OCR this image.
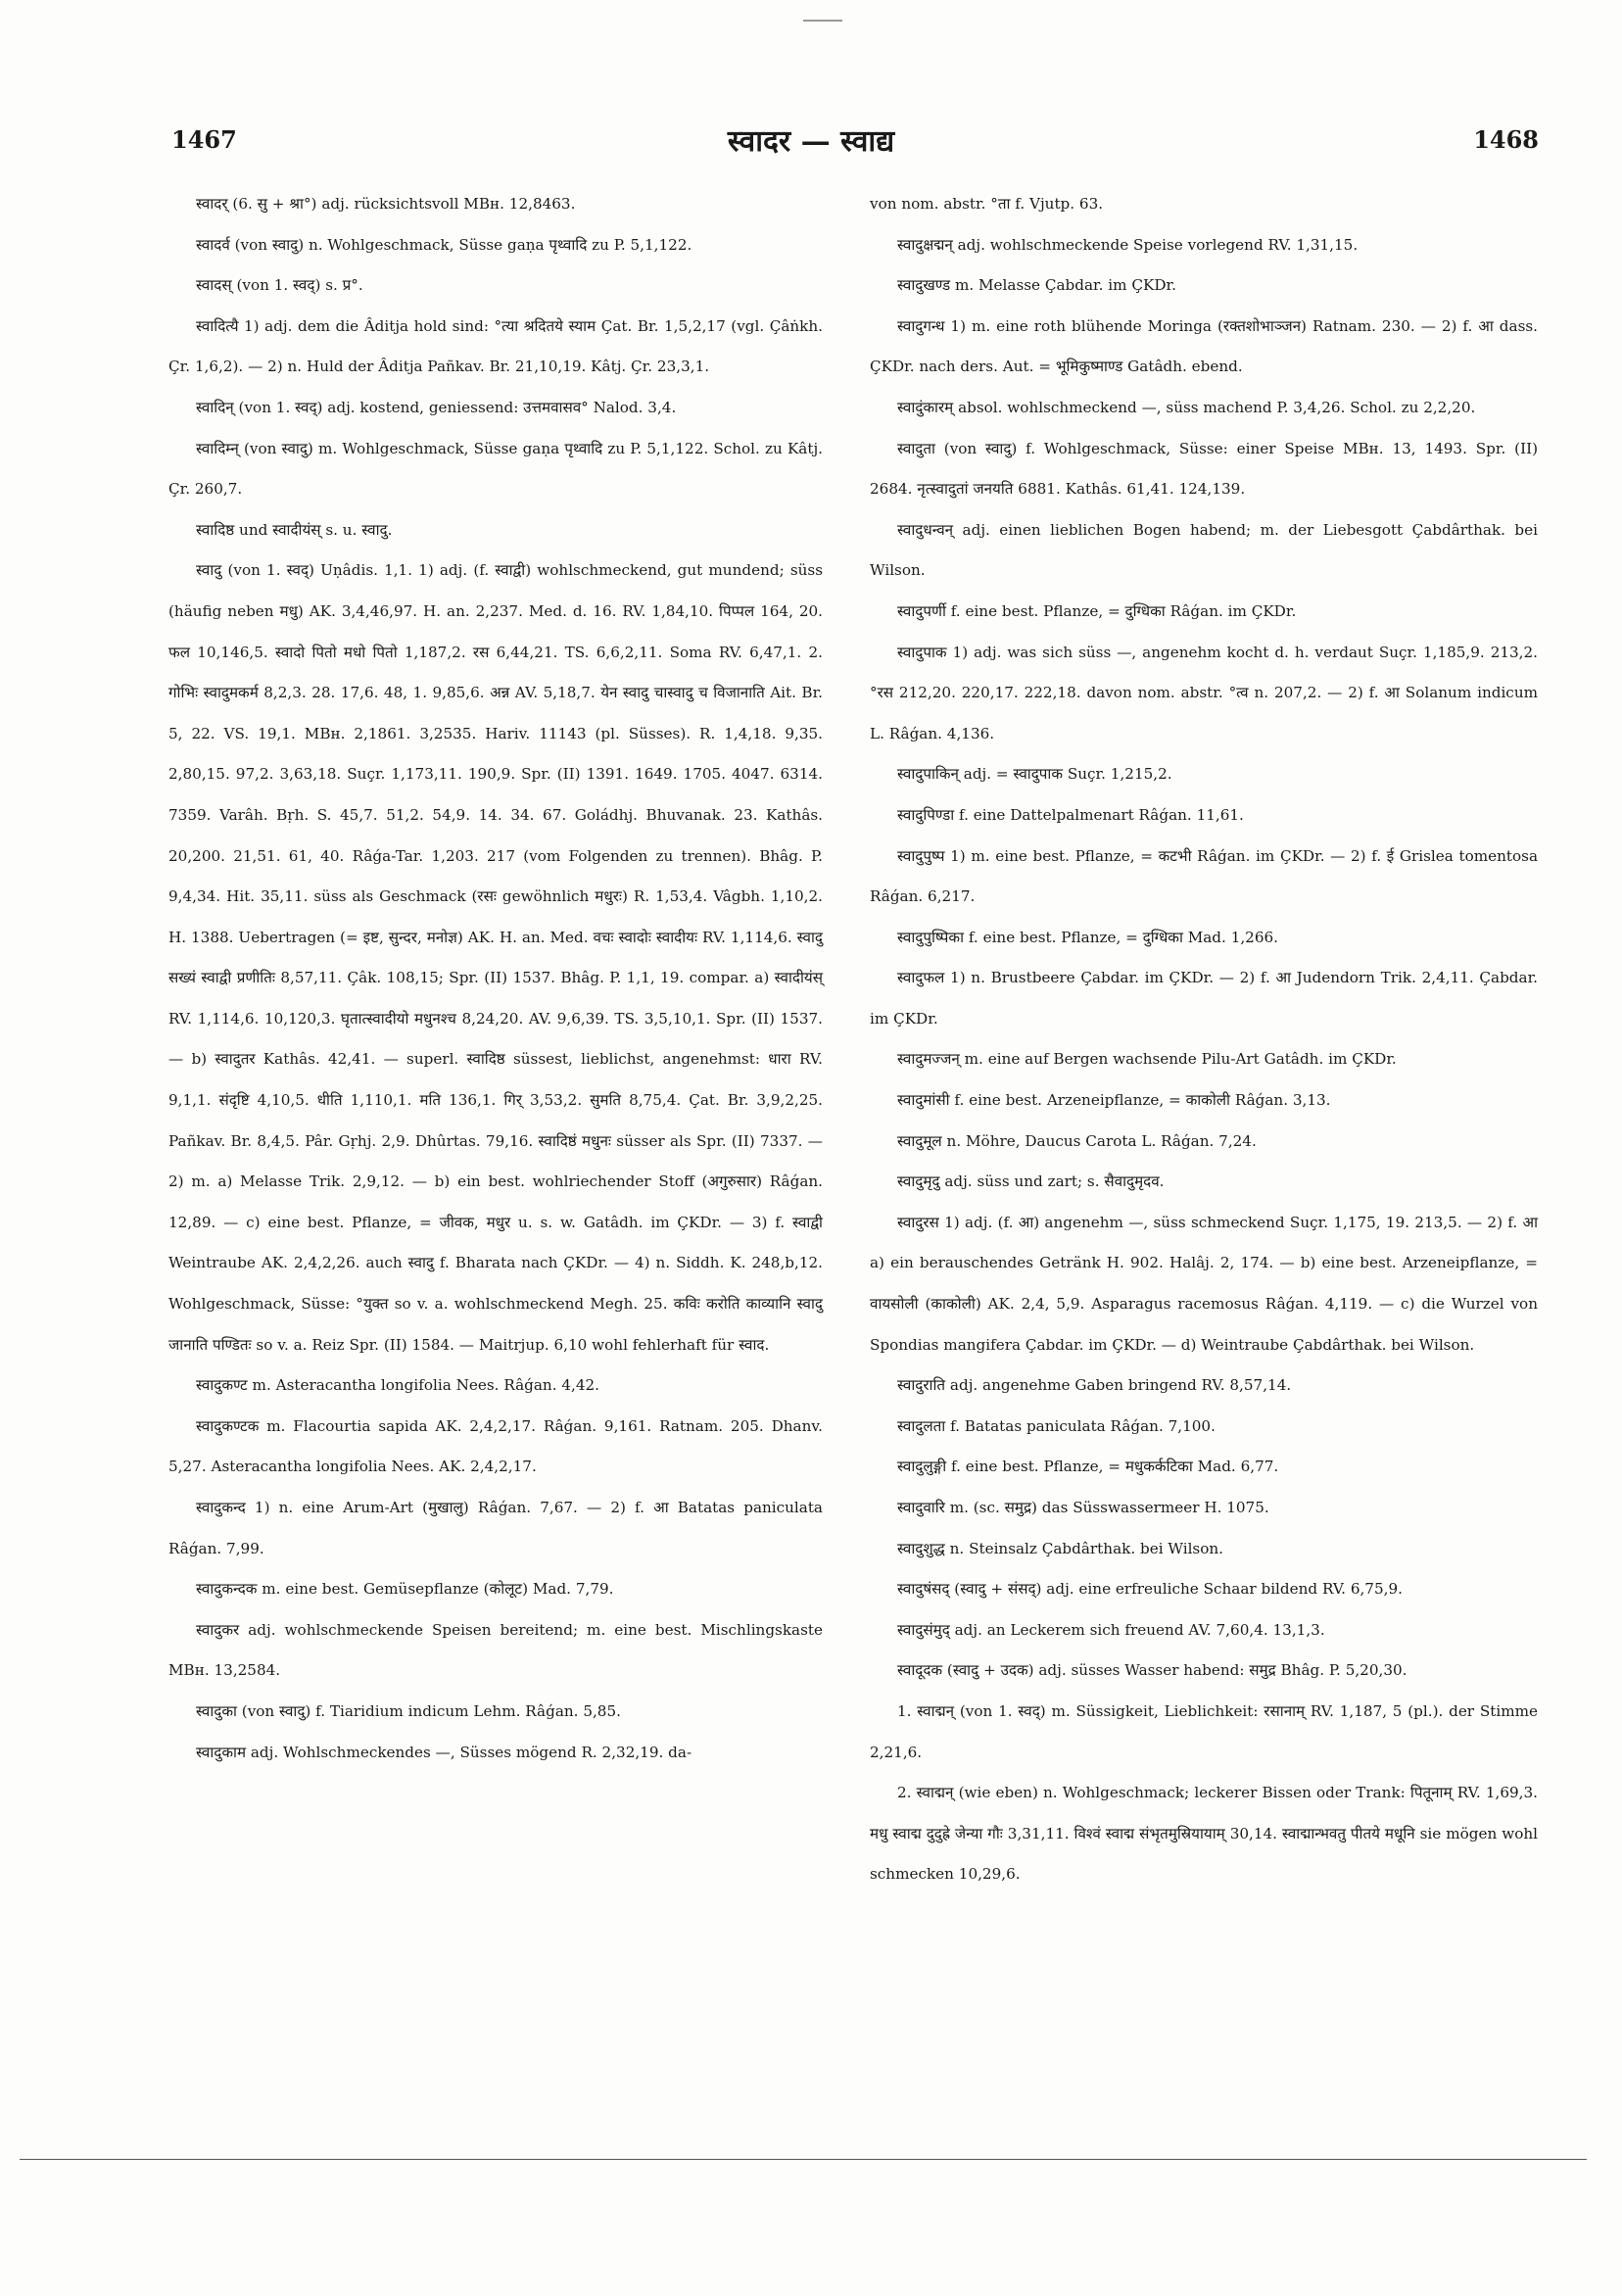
1467	स्वादर — स्वाद्य	1468

स्वादर् (6. सु + श्रा°) adj. rücksichtsvoll MBн. 12,8463.

स्वादर्व (von स्वादु) n. Wohlgeschmack, Süsse gaṇa पृथ्वादि zu P. 5,1,122.

स्वादस् (von 1. स्वद्) s. प्र°.

स्वादित्यै 1) adj. dem die Âditja hold sind: °त्या श्रदितये स्याम Çat. Br. 1,5,2,17 (vgl. Çâṅkh. Çr. 1,6,2). — 2) n. Huld der Âditja Pañkav. Br. 21,10,19. Kâtj. Çr. 23,3,1.

स्वादिन् (von 1. स्वद्) adj. kostend, geniessend: उत्तमवासव° Nalod. 3,4.

स्वादिम्न् (von स्वादु) m. Wohlgeschmack, Süsse gaṇa पृथ्वादि zu P. 5,1,122. Schol. zu Kâtj. Çr. 260,7.

स्वादिष्ठ und स्वादीयंस् s. u. स्वादु.

स्वादु (von 1. स्वद्) Uṇâdis. 1,1. 1) adj. (f. स्वाद्वी) wohlschmeckend, gut mundend; süss (häufig neben मधु) AK. 3,4,46,97. H. an. 2,237. Med. d. 16. RV. 1,84,10. पिप्पल 164, 20. फल 10,146,5. स्वादो पितो मधो पितो 1,187,2. रस 6,44,21. TS. 6,6,2,11. Soma RV. 6,47,1. 2. गोभिः स्वादुमकर्म 8,2,3. 28. 17,6. 48, 1. 9,85,6. अन्न AV. 5,18,7. येन स्वादु चास्वादु च विजानाति Ait. Br. 5, 22. VS. 19,1. MBн. 2,1861. 3,2535. Hariv. 11143 (pl. Süsses). R. 1,4,18. 9,35. 2,80,15. 97,2. 3,63,18. Suçr. 1,173,11. 190,9. Spr. (II) 1391. 1649. 1705. 4047. 6314. 7359. Varâh. Bṛh. S. 45,7. 51,2. 54,9. 14. 34. 67. Goládhj. Bhuvanak. 23. Kathâs. 20,200. 21,51. 61, 40. Râǵa-Tar. 1,203. 217 (vom Folgenden zu trennen). Bhâg. P. 9,4,34. Hit. 35,11. süss als Geschmack (रसः gewöhnlich मधुरः) R. 1,53,4. Vâgbh. 1,10,2. H. 1388. Uebertragen (= इष्ट, सुन्दर, मनोज्ञ) AK. H. an. Med. वचः स्वादोः स्वादीयः RV. 1,114,6. स्वादु सख्यं स्वाद्वी प्रणीतिः 8,57,11. Çâk. 108,15; Spr. (II) 1537. Bhâg. P. 1,1, 19. compar. a) स्वादीयंस् RV. 1,114,6. 10,120,3. घृतात्स्वादीयो मधुनश्च 8,24,20. AV. 9,6,39. TS. 3,5,10,1. Spr. (II) 1537. — b) स्वादुतर Kathâs. 42,41. — superl. स्वादिष्ठ süssest, lieblichst, angenehmst: धारा RV. 9,1,1. संदृष्टि 4,10,5. धीति 1,110,1. मति 136,1. गिर् 3,53,2. सुमति 8,75,4. Çat. Br. 3,9,2,25. Pañkav. Br. 8,4,5. Pâr. Gṛhj. 2,9. Dhûrtas. 79,16. स्वादिष्ठं मधुनः süsser als Spr. (II) 7337. — 2) m. a) Melasse Trik. 2,9,12. — b) ein best. wohlriechender Stoff (अगुरुसार) Râǵan. 12,89. — c) eine best. Pflanze, = जीवक, मधुर u. s. w. Gatâdh. im ÇKDr. — 3) f. स्वाद्वी Weintraube AK. 2,4,2,26. auch स्वादु f. Bharata nach ÇKDr. — 4) n. Siddh. K. 248,b,12. Wohlgeschmack, Süsse: °युक्त so v. a. wohlschmeckend Megh. 25. कविः करोति काव्यानि स्वादु जानाति पण्डितः so v. a. Reiz Spr. (II) 1584. — Maitrjup. 6,10 wohl fehlerhaft für स्वाद.

स्वादुकण्ट m. Asteracantha longifolia Nees. Râǵan. 4,42.

स्वादुकण्टक m. Flacourtia sapida AK. 2,4,2,17. Râǵan. 9,161. Ratnam. 205. Dhanv. 5,27. Asteracantha longifolia Nees. AK. 2,4,2,17.

स्वादुकन्द 1) n. eine Arum-Art (मुखालु) Râǵan. 7,67. — 2) f. आ Batatas paniculata Râǵan. 7,99.

स्वादुकन्दक m. eine best. Gemüsepflanze (कोलूट) Mad. 7,79.

स्वादुकर adj. wohlschmeckende Speisen bereitend; m. eine best. Mischlingskaste MBн. 13,2584.

स्वादुका (von स्वादु) f. Tiaridium indicum Lehm. Râǵan. 5,85.

स्वादुकाम adj. Wohlschmeckendes —, Süsses mögend R. 2,32,19. da-

von nom. abstr. °ता f. Vjutp. 63.

स्वादुक्षद्मन् adj. wohlschmeckende Speise vorlegend RV. 1,31,15.

स्वादुखण्ड m. Melasse Çabdar. im ÇKDr.

स्वादुगन्ध 1) m. eine roth blühende Moringa (रक्तशोभाञ्जन) Ratnam. 230. — 2) f. आ dass. ÇKDr. nach ders. Aut. = भूमिकुष्माण्ड Gatâdh. ebend.

स्वादुंकारम् absol. wohlschmeckend —, süss machend P. 3,4,26. Schol. zu 2,2,20.

स्वादुता (von स्वादु) f. Wohlgeschmack, Süsse: einer Speise MBн. 13, 1493. Spr. (II) 2684. नृत्स्वादुतां जनयति 6881. Kathâs. 61,41. 124,139.

स्वादुधन्वन् adj. einen lieblichen Bogen habend; m. der Liebesgott Çabdârthak. bei Wilson.

स्वादुपर्णी f. eine best. Pflanze, = दुग्धिका Râǵan. im ÇKDr.

स्वादुपाक 1) adj. was sich süss —, angenehm kocht d. h. verdaut Suçr. 1,185,9. 213,2. °रस 212,20. 220,17. 222,18. davon nom. abstr. °त्व n. 207,2. — 2) f. आ Solanum indicum L. Râǵan. 4,136.

स्वादुपाकिन् adj. = स्वादुपाक Suçr. 1,215,2.

स्वादुपिण्डा f. eine Dattelpalmenart Râǵan. 11,61.

स्वादुपुष्प 1) m. eine best. Pflanze, = कटभी Râǵan. im ÇKDr. — 2) f. ई Grislea tomentosa Râǵan. 6,217.

स्वादुपुष्पिका f. eine best. Pflanze, = दुग्धिका Mad. 1,266.

स्वादुफल 1) n. Brustbeere Çabdar. im ÇKDr. — 2) f. आ Judendorn Trik. 2,4,11. Çabdar. im ÇKDr.

स्वादुमज्जन् m. eine auf Bergen wachsende Pilu-Art Gatâdh. im ÇKDr.

स्वादुमांसी f. eine best. Arzeneipflanze, = काकोली Râǵan. 3,13.

स्वादुमूल n. Möhre, Daucus Carota L. Râǵan. 7,24.

स्वादुमृदु adj. süss und zart; s. सैवादुमृदव.

स्वादुरस 1) adj. (f. आ) angenehm —, süss schmeckend Suçr. 1,175, 19. 213,5. — 2) f. आ a) ein berauschendes Getränk H. 902. Halâj. 2, 174. — b) eine best. Arzeneipflanze, = वायसोली (काकोली) AK. 2,4, 5,9. Asparagus racemosus Râǵan. 4,119. — c) die Wurzel von Spondias mangifera Çabdar. im ÇKDr. — d) Weintraube Çabdârthak. bei Wilson.

स्वादुराति adj. angenehme Gaben bringend RV. 8,57,14.

स्वादुलता f. Batatas paniculata Râǵan. 7,100.

स्वादुलुङ्गी f. eine best. Pflanze, = मधुकर्कटिका Mad. 6,77.

स्वादुवारि m. (sc. समुद्र) das Süsswassermeer H. 1075.

स्वादुशुद्ध n. Steinsalz Çabdârthak. bei Wilson.

स्वादुषंसद् (स्वादु + संसद्) adj. eine erfreuliche Schaar bildend RV. 6,75,9.

स्वादुसंमुद् adj. an Leckerem sich freuend AV. 7,60,4. 13,1,3.

स्वादूदक (स्वादु + उदक) adj. süsses Wasser habend: समुद्र Bhâg. P. 5,20,30.

1. स्वाद्मन् (von 1. स्वद्) m. Süssigkeit, Lieblichkeit: रसानाम् RV. 1,187, 5 (pl.). der Stimme 2,21,6.

2. स्वाद्मन् (wie eben) n. Wohlgeschmack; leckerer Bissen oder Trank: पितूनाम् RV. 1,69,3. मधु स्वाद्म दुदुह्रे जेन्या गौः 3,31,11. विश्वं स्वाद्म संभृतमुस्रियायाम् 30,14. स्वाद्मान्भवतु पीतये मधूनि sie mögen wohl schmecken 10,29,6.
